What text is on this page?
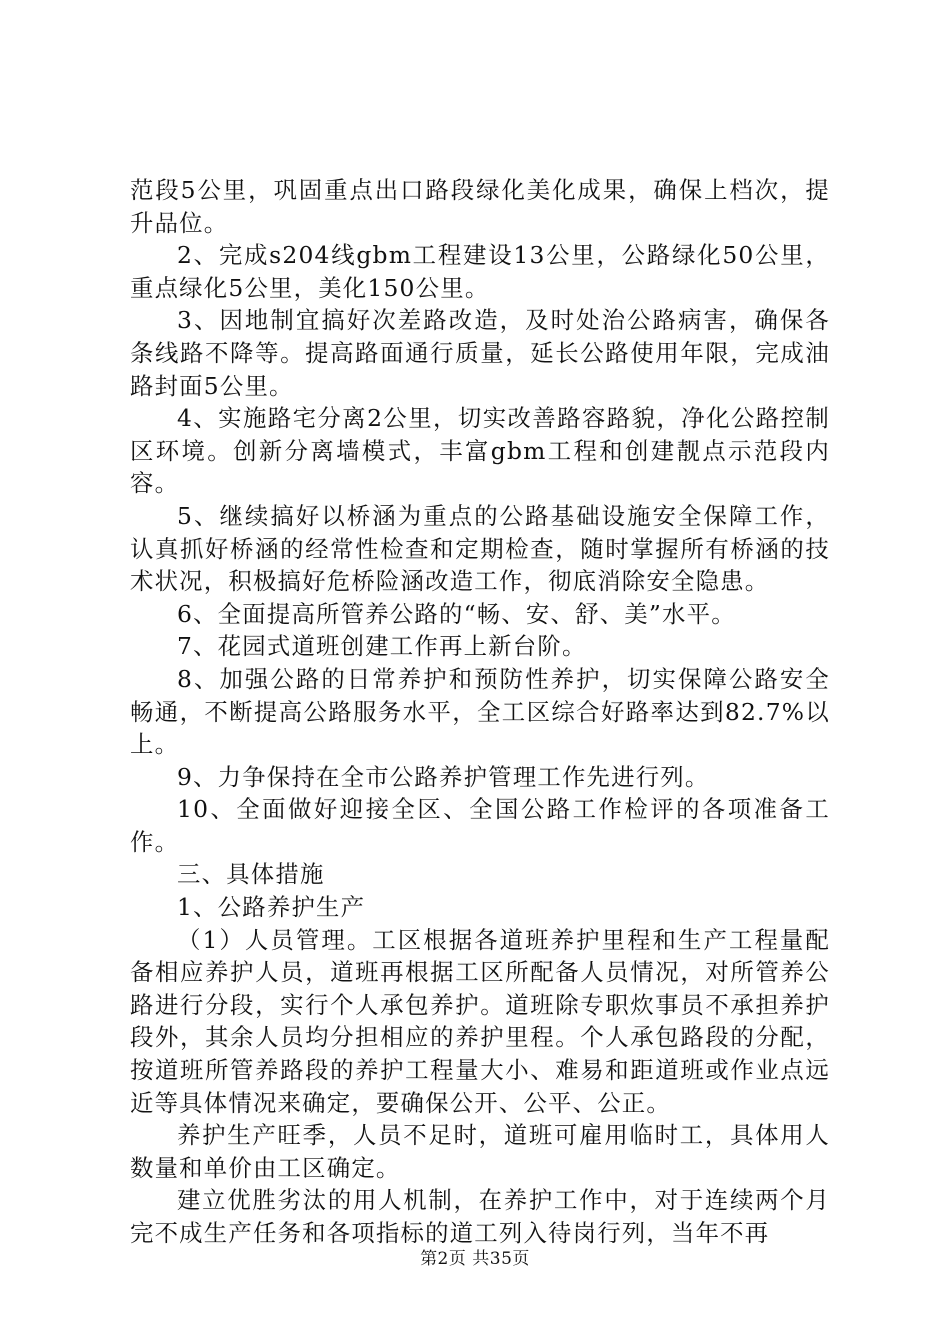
范段5公里，巩固重点出口路段绿化美化成果，确保上档次，提升品位。

2、完成s204线gbm工程建设13公里，公路绿化50公里，重点绿化5公里，美化150公里。

3、因地制宜搞好次差路改造，及时处治公路病害，确保各条线路不降等。提高路面通行质量，延长公路使用年限，完成油路封面5公里。

4、实施路宅分离2公里，切实改善路容路貌，净化公路控制区环境。创新分离墙模式，丰富gbm工程和创建靓点示范段内容。

5、继续搞好以桥涵为重点的公路基础设施安全保障工作，认真抓好桥涵的经常性检查和定期检查，随时掌握所有桥涵的技术状况，积极搞好危桥险涵改造工作，彻底消除安全隐患。

6、全面提高所管养公路的“畅、安、舒、美”水平。

7、花园式道班创建工作再上新台阶。

8、加强公路的日常养护和预防性养护，切实保障公路安全畅通，不断提高公路服务水平，全工区综合好路率达到82.7%以上。

9、力争保持在全市公路养护管理工作先进行列。

10、全面做好迎接全区、全国公路工作检评的各项准备工作。

三、具体措施

1、公路养护生产

（1）人员管理。工区根据各道班养护里程和生产工程量配备相应养护人员，道班再根据工区所配备人员情况，对所管养公路进行分段，实行个人承包养护。道班除专职炊事员不承担养护段外，其余人员均分担相应的养护里程。个人承包路段的分配，按道班所管养路段的养护工程量大小、难易和距道班或作业点远近等具体情况来确定，要确保公开、公平、公正。

养护生产旺季，人员不足时，道班可雇用临时工，具体用人数量和单价由工区确定。

建立优胜劣汰的用人机制，在养护工作中，对于连续两个月完不成生产任务和各项指标的道工列入待岗行列，当年不再

第2页 共35页
